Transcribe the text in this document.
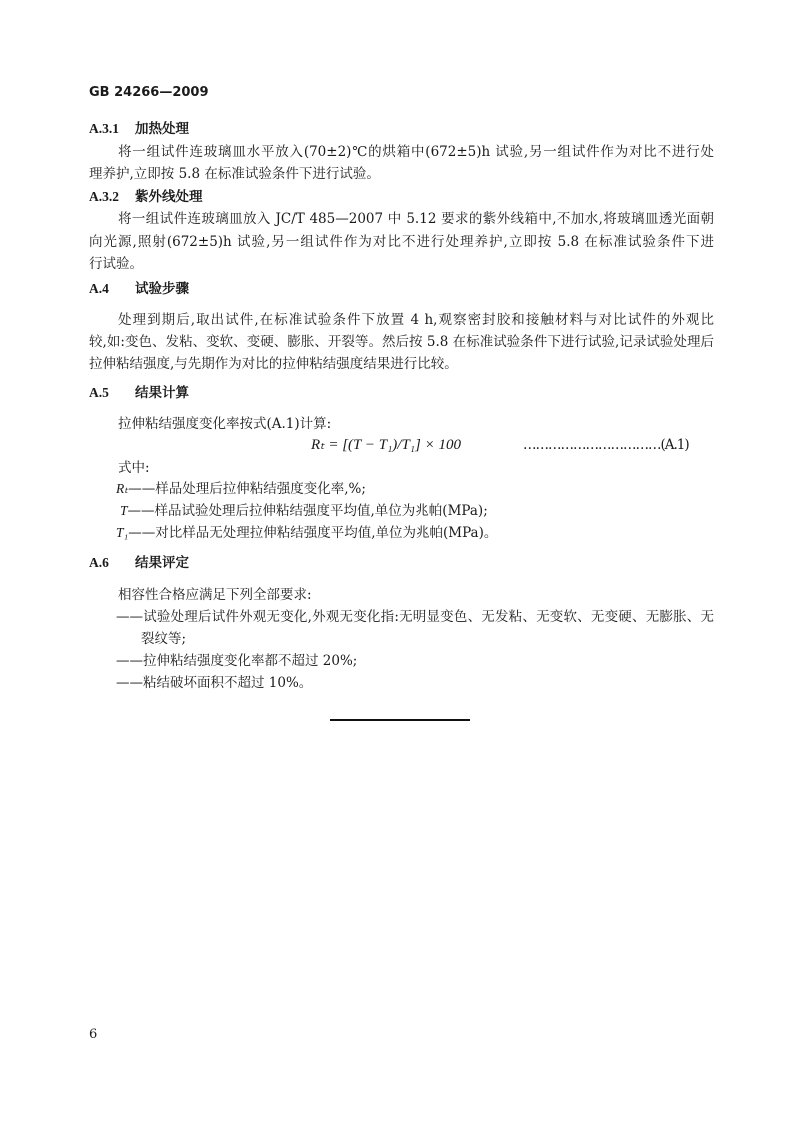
GB 24266—2009
A.3.1 加热处理
将一组试件连玻璃皿水平放入(70±2)℃的烘箱中(672±5)h 试验,另一组试件作为对比不进行处
理养护,立即按 5.8 在标准试验条件下进行试验。
A.3.2 紫外线处理
将一组试件连玻璃皿放入 JC/T 485—2007 中 5.12 要求的紫外线箱中,不加水,将玻璃皿透光面朝
向光源,照射(672±5)h 试验,另一组试件作为对比不进行处理养护,立即按 5.8 在标准试验条件下进
行试验。
A.4 试验步骤
处理到期后,取出试件,在标准试验条件下放置 4 h,观察密封胶和接触材料与对比试件的外观比
较,如:变色、发粘、变软、变硬、膨胀、开裂等。然后按 5.8 在标准试验条件下进行试验,记录试验处理后
拉伸粘结强度,与先期作为对比的拉伸粘结强度结果进行比较。
A.5 结果计算
拉伸粘结强度变化率按式(A.1)计算:
Rₜ = [(T − T₁)/T₁] × 100	……………………………(A.1)
式中:
Rₜ——样品处理后拉伸粘结强度变化率,%;
T——样品试验处理后拉伸粘结强度平均值,单位为兆帕(MPa);
T₁——对比样品无处理拉伸粘结强度平均值,单位为兆帕(MPa)。
A.6 结果评定
相容性合格应满足下列全部要求:
——试验处理后试件外观无变化,外观无变化指:无明显变色、无发粘、无变软、无变硬、无膨胀、无
裂纹等;
——拉伸粘结强度变化率都不超过 20%;
——粘结破坏面积不超过 10%。
6
